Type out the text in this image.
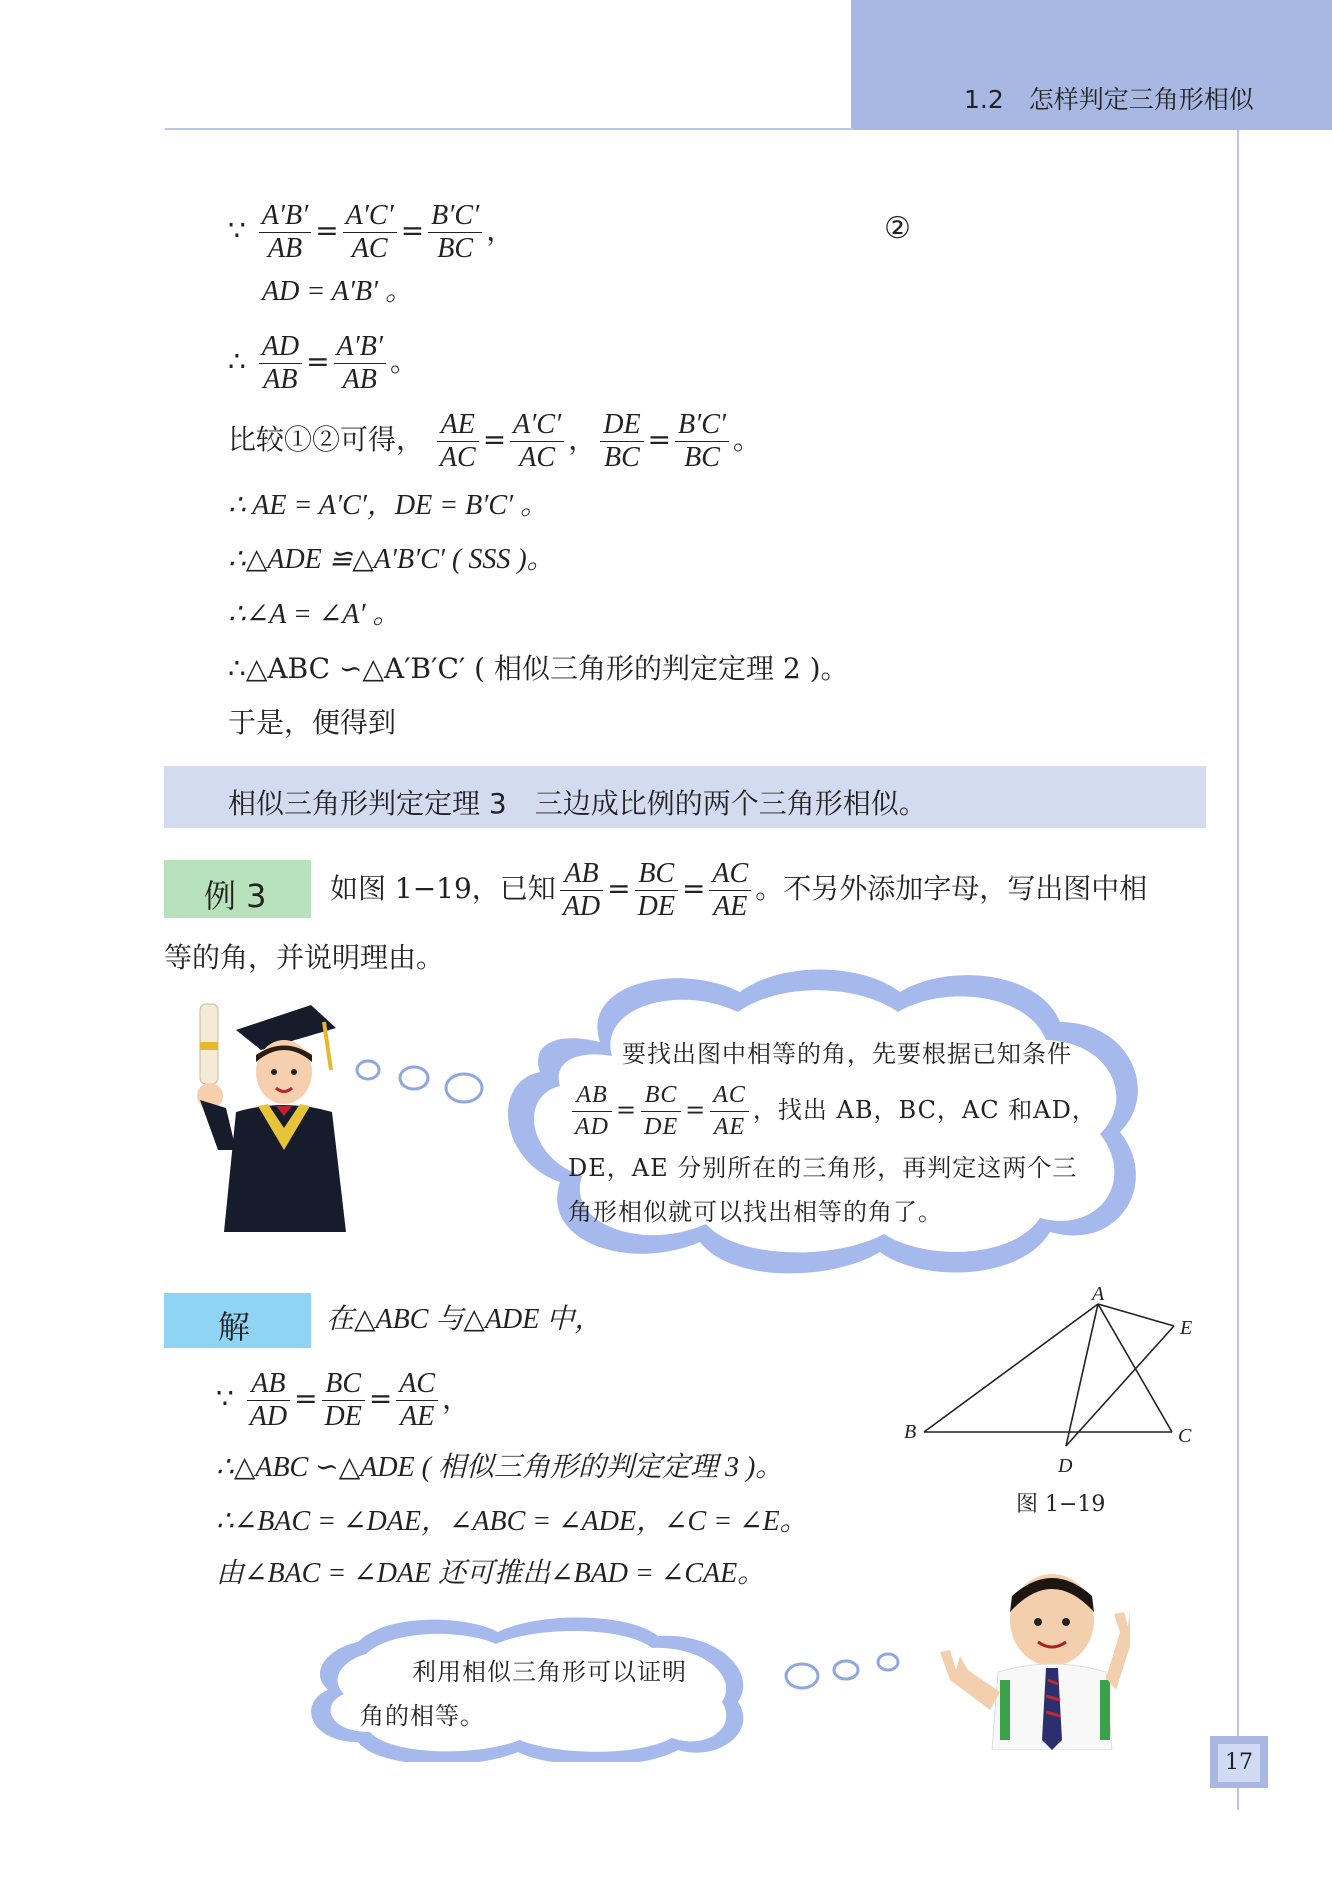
1.2　怎样判定三角形相似
∵ $\frac{A'B'}{AB} = \frac{A'C'}{AC} = \frac{B'C'}{BC}$ ，	②
AD = A′B′ 。
∴ $\frac{AD}{AB} = \frac{A'B'}{AB}$ 。
比较①②可得， $\frac{AE}{AC} = \frac{A'C'}{AC}$ ， $\frac{DE}{BC} = \frac{B'C'}{BC}$ 。
∴ AE = A′C′，DE = B′C′ 。
∴△ADE ≌△A′B′C′ ( SSS )。
∴∠A = ∠A′ 。
∴△ABC ∽△A′B′C′ ( 相似三角形的判定定理 2 )。
于是，便得到
相似三角形判定定理 3　三边成比例的两个三角形相似。
例 3 如图 1−19，已知 $\frac{AB}{AD} = \frac{BC}{DE} = \frac{AC}{AE}$ 。不另外添加字母，写出图中相
等的角，并说明理由。
要找出图中相等的角，先要根据已知条件
$\frac{AB}{AD} = \frac{BC}{DE} = \frac{AC}{AE}$ ，找出 AB，BC，AC 和AD，
DE，AE 分别所在的三角形，再判定这两个三
角形相似就可以找出相等的角了。
解	在△ABC 与△ADE 中，
∵ $\frac{AB}{AD} = \frac{BC}{DE} = \frac{AC}{AE}$ ，
∴△ABC ∽△ADE ( 相似三角形的判定定理 3 )。
∴∠BAC = ∠DAE，∠ABC = ∠ADE，∠C = ∠E。
由∠BAC = ∠DAE 还可推出∠BAD = ∠CAE。
A
B	C
D
E
图 1−19
利用相似三角形可以证明
角的相等。
17
